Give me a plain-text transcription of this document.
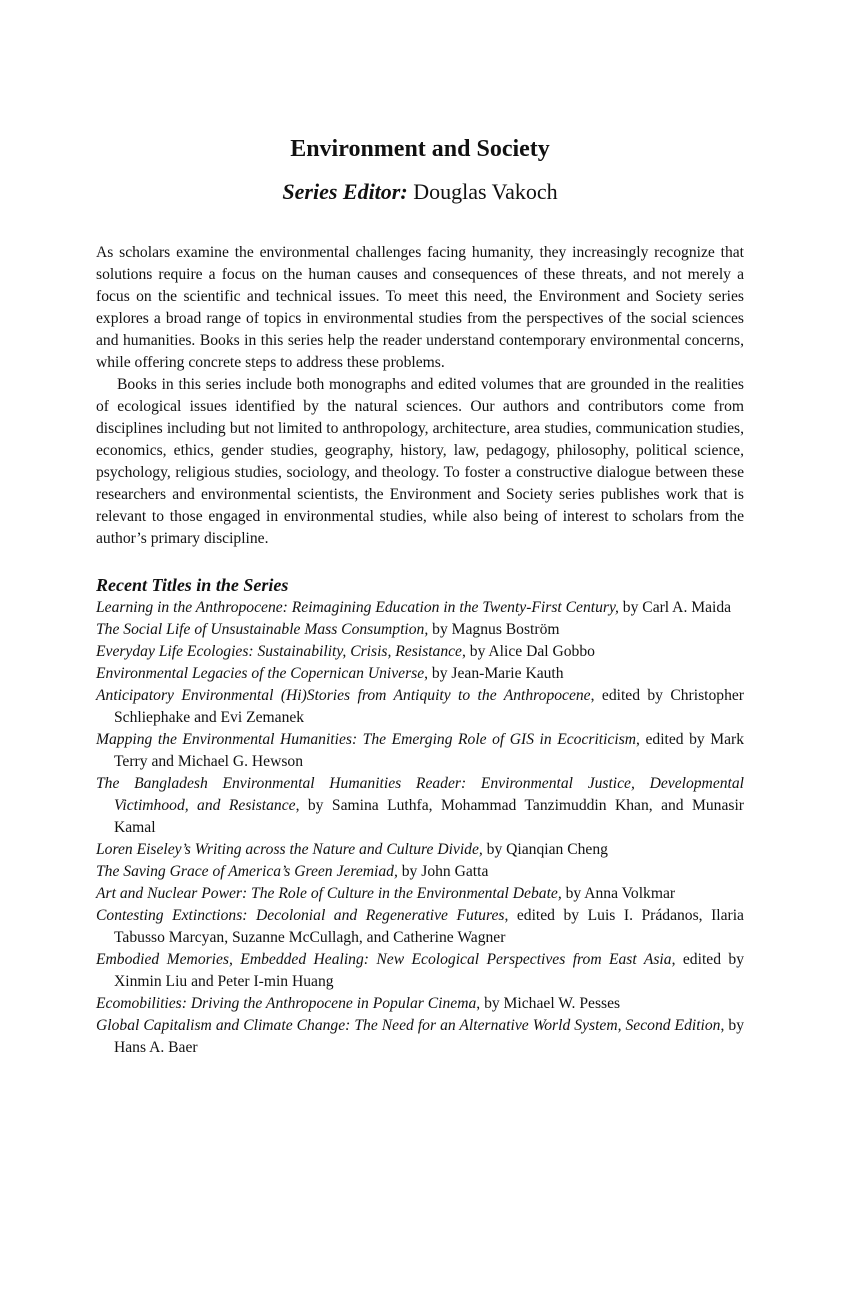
Environment and Society
Series Editor: Douglas Vakoch

As scholars examine the environmental challenges facing humanity, they increasingly recognize that solutions require a focus on the human causes and consequences of these threats, and not merely a focus on the scientific and technical issues. To meet this need, the Environment and Society series explores a broad range of topics in environmental studies from the perspectives of the social sciences and humanities. Books in this series help the reader understand contemporary environmental concerns, while offering concrete steps to address these problems.

Books in this series include both monographs and edited volumes that are grounded in the realities of ecological issues identified by the natural sciences. Our authors and contributors come from disciplines including but not limited to anthropology, architecture, area studies, communication studies, economics, ethics, gender studies, geography, history, law, pedagogy, philosophy, political science, psychology, religious studies, sociology, and theology. To foster a constructive dialogue between these researchers and environmental scientists, the Environment and Society series publishes work that is relevant to those engaged in environmental studies, while also being of interest to scholars from the author’s primary discipline.

Recent Titles in the Series
Learning in the Anthropocene: Reimagining Education in the Twenty-First Century, by Carl A. Maida
The Social Life of Unsustainable Mass Consumption, by Magnus Boström
Everyday Life Ecologies: Sustainability, Crisis, Resistance, by Alice Dal Gobbo
Environmental Legacies of the Copernican Universe, by Jean-Marie Kauth
Anticipatory Environmental (Hi)Stories from Antiquity to the Anthropocene, edited by Christopher Schliephake and Evi Zemanek
Mapping the Environmental Humanities: The Emerging Role of GIS in Ecocriticism, edited by Mark Terry and Michael G. Hewson
The Bangladesh Environmental Humanities Reader: Environmental Justice, Developmental Victimhood, and Resistance, by Samina Luthfa, Mohammad Tanzimuddin Khan, and Munasir Kamal
Loren Eiseley’s Writing across the Nature and Culture Divide, by Qianqian Cheng
The Saving Grace of America’s Green Jeremiad, by John Gatta
Art and Nuclear Power: The Role of Culture in the Environmental Debate, by Anna Volkmar
Contesting Extinctions: Decolonial and Regenerative Futures, edited by Luis I. Prádanos, Ilaria Tabusso Marcyan, Suzanne McCullagh, and Catherine Wagner
Embodied Memories, Embedded Healing: New Ecological Perspectives from East Asia, edited by Xinmin Liu and Peter I-min Huang
Ecomobilities: Driving the Anthropocene in Popular Cinema, by Michael W. Pesses
Global Capitalism and Climate Change: The Need for an Alternative World System, Second Edition, by Hans A. Baer
